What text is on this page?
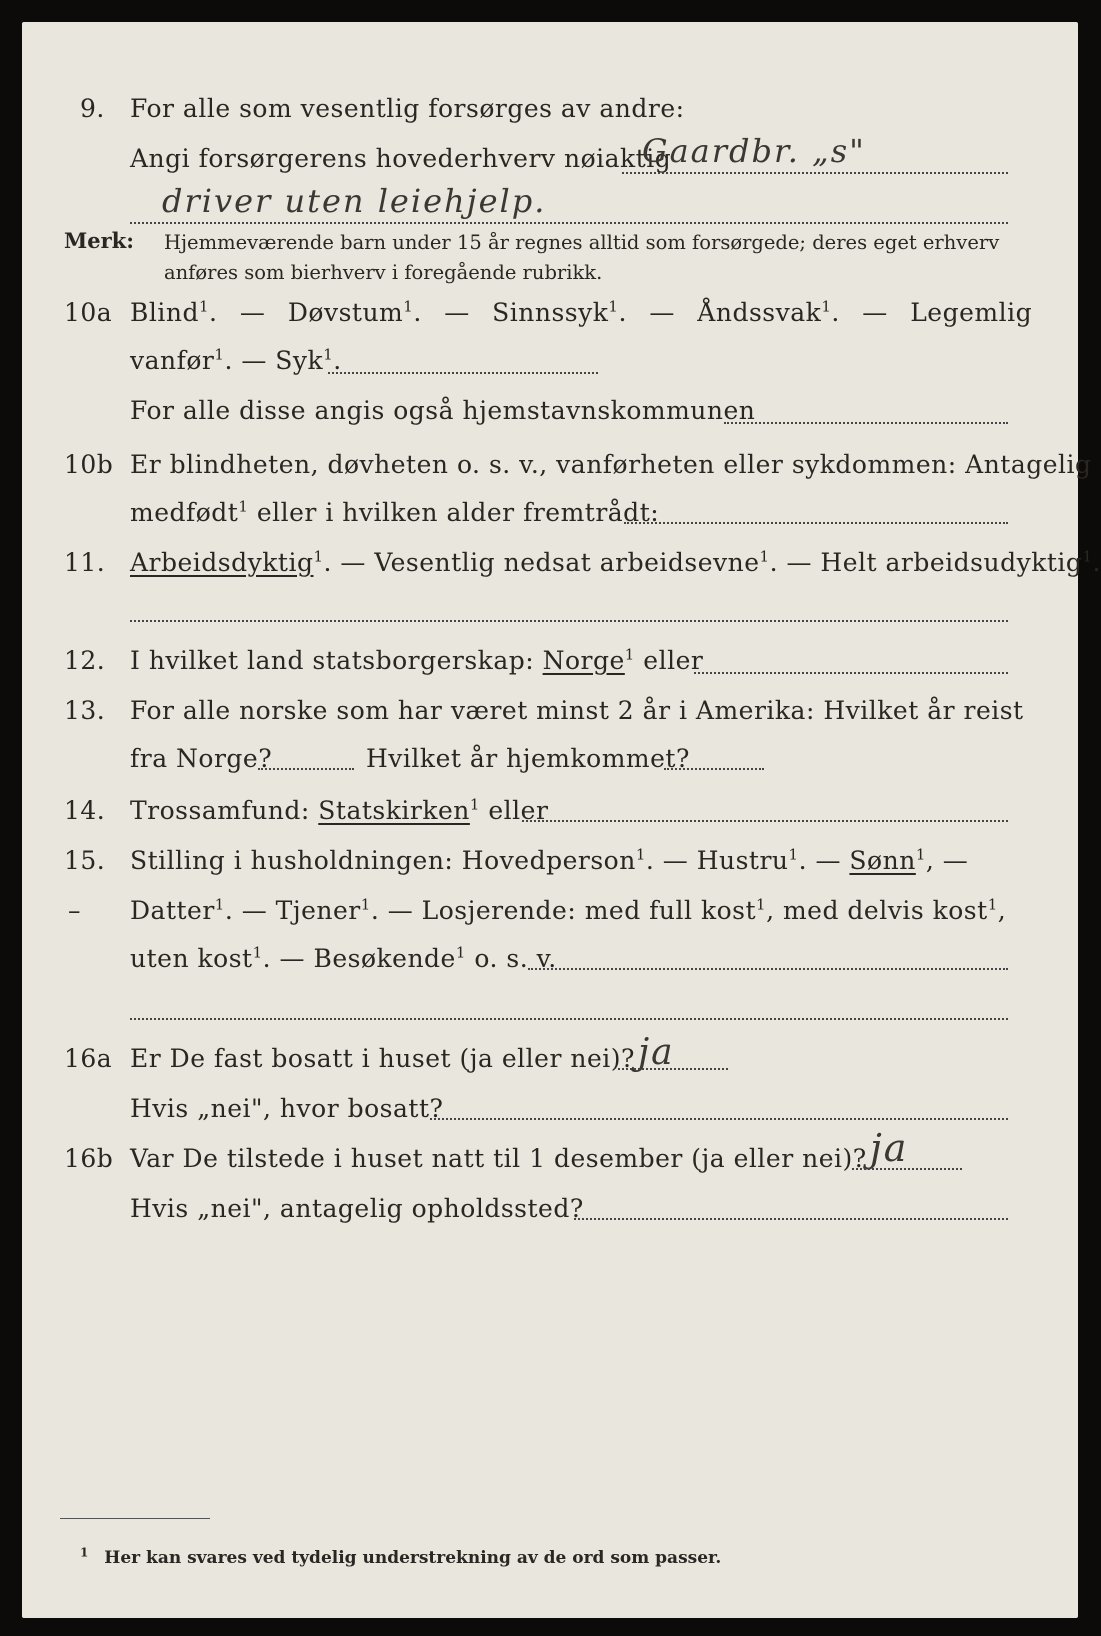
9. For alle som vesentlig forsørges av andre:
Angi forsørgerens hovederhverv nøiaktig
Gaardbr. „s"
driver uten leiehjelp.
Merk: Hjemmeværende barn under 15 år regnes alltid som forsørgede; deres eget erhverv
anføres som bierhverv i foregående rubrikk.
10a Blind$^1$. — Døvstum$^1$. — Sinnssyk$^1$. — Åndssvak$^1$. — Legemlig
vanfør$^1$. — Syk$^1$.
For alle disse angis også hjemstavnskommunen
10b Er blindheten, døvheten o. s. v., vanførheten eller sykdommen: Antagelig
medfødt$^1$ eller i hvilken alder fremtrådt:
11. Arbeidsdyktig$^1$. — Vesentlig nedsat arbeidsevne$^1$. — Helt arbeidsudyktig$^1$.
12. I hvilket land statsborgerskap: Norge$^1$ eller
13. For alle norske som har været minst 2 år i Amerika: Hvilket år reist
fra Norge?	Hvilket år hjemkommet?
14. Trossamfund: Statskirken$^1$ eller
15. Stilling i husholdningen: Hovedperson$^1$. — Hustru$^1$. — Sønn$^1$, —
– Datter$^1$. — Tjener$^1$. — Losjerende: med full kost$^1$, med delvis kost$^1$,
uten kost$^1$. — Besøkende$^1$ o. s. v.
16a Er De fast bosatt i huset (ja eller nei)? ja
Hvis „nei", hvor bosatt?
16b Var De tilstede i huset natt til 1 desember (ja eller nei)? ja
Hvis „nei", antagelig opholdssted?
$^1$ Her kan svares ved tydelig understrekning av de ord som passer.
